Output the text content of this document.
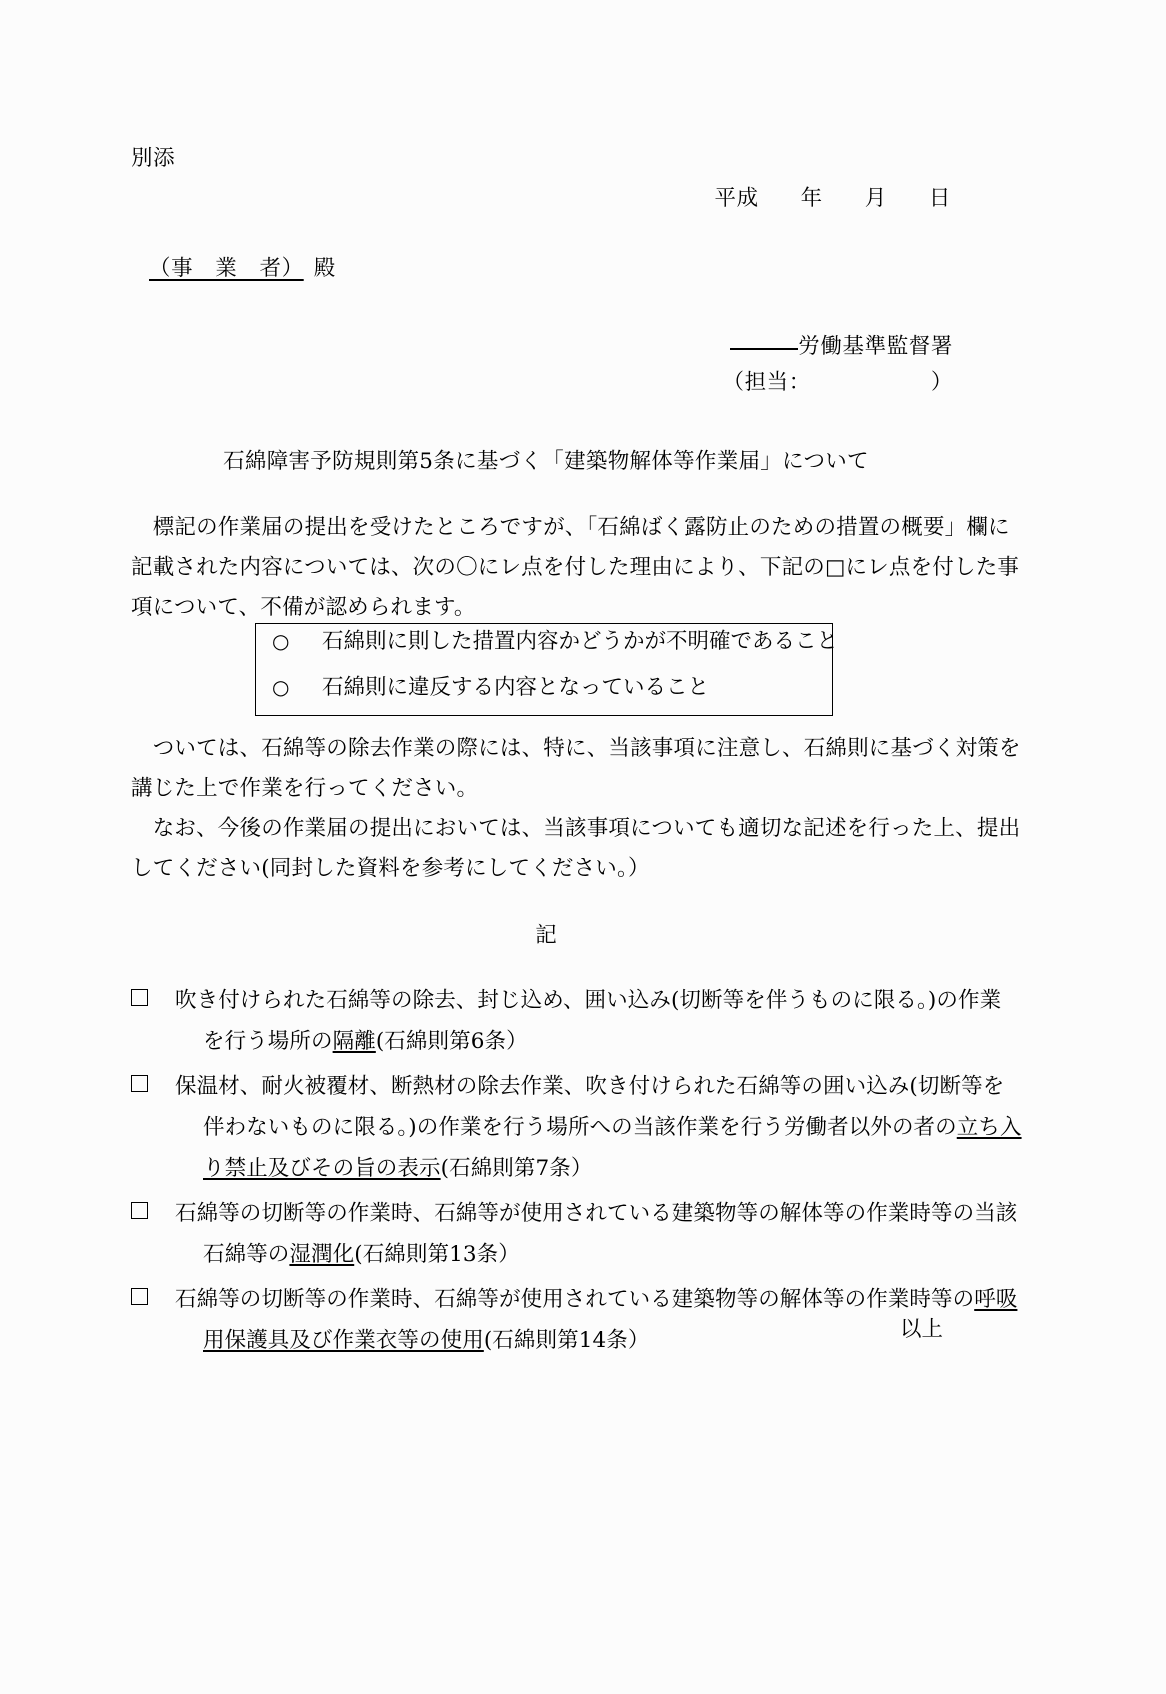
別添
平成 年 月 日
（事　業　者） 殿
労働基準監督署
（担当：	）
石綿障害予防規則第5条に基づく「建築物解体等作業届」について
　標記の作業届の提出を受けたところですが、「石綿ばく露防止のための措置の概要」欄に
記載された内容については、次の〇にレ点を付した理由により、下記の□にレ点を付した事
項について、不備が認められます。
○	石綿則に則した措置内容かどうかが不明確であること
○	石綿則に違反する内容となっていること
　ついては、石綿等の除去作業の際には、特に、当該事項に注意し、石綿則に基づく対策を
講じた上で作業を行ってください。
　なお、今後の作業届の提出においては、当該事項についても適切な記述を行った上、提出
してください(同封した資料を参考にしてください。）
記
吹き付けられた石綿等の除去、封じ込め、囲い込み(切断等を伴うものに限る。)の作業
を行う場所の隔離(石綿則第6条）
保温材、耐火被覆材、断熱材の除去作業、吹き付けられた石綿等の囲い込み(切断等を
伴わないものに限る。)の作業を行う場所への当該作業を行う労働者以外の者の立ち入
り禁止及びその旨の表示(石綿則第7条）
石綿等の切断等の作業時、石綿等が使用されている建築物等の解体等の作業時等の当該
石綿等の湿潤化(石綿則第13条）
石綿等の切断等の作業時、石綿等が使用されている建築物等の解体等の作業時等の呼吸
用保護具及び作業衣等の使用(石綿則第14条）	以上
